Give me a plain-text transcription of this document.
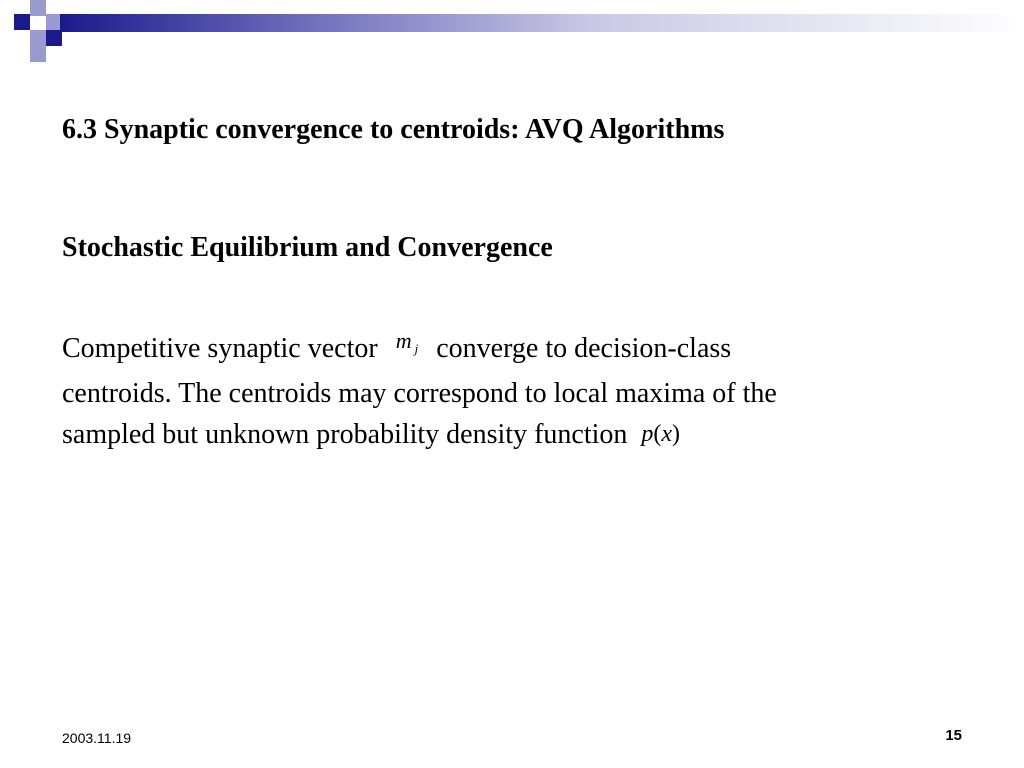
6.3 Synaptic convergence to centroids: AVQ Algorithms
Stochastic Equilibrium and Convergence
Competitive synaptic vector m $_j$ converge to decision-class
centroids. The centroids may correspond to local maxima of the
sampled but unknown probability density function p(x)
2003.11.19	15
